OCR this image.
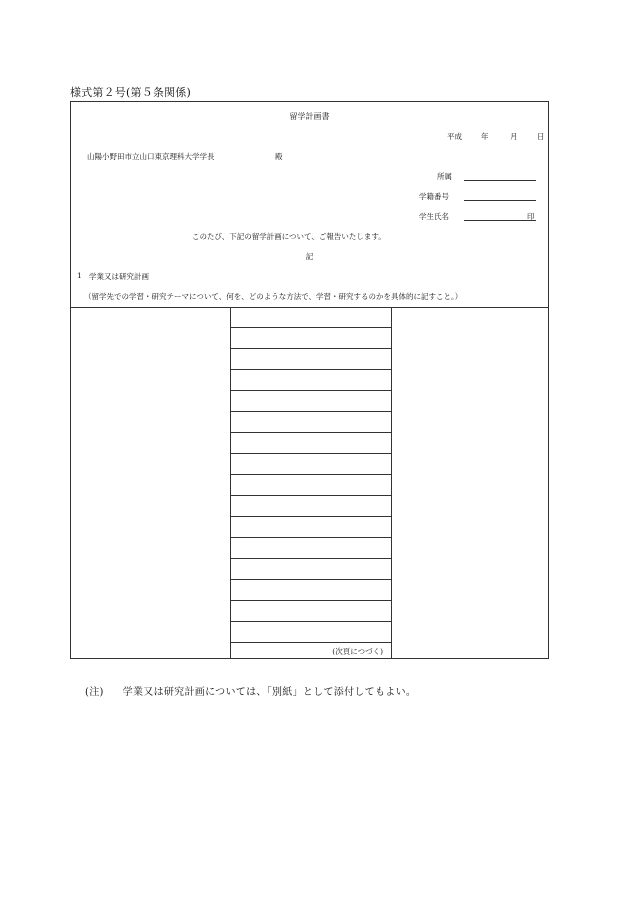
様式第２号(第５条関係)
留学計画書
平成	年	月	日
山陽小野田市立山口東京理科大学学長	殿
所属
学籍番号
学生氏名	印
このたび、下記の留学計画について、ご報告いたします。
記
1 学業又は研究計画
（留学先での学習・研究テーマについて、何を、どのような方法で、学習・研究するのかを具体的に記すこと。）
(次頁につづく)
(注) 学業又は研究計画については、「別紙」として添付してもよい。
